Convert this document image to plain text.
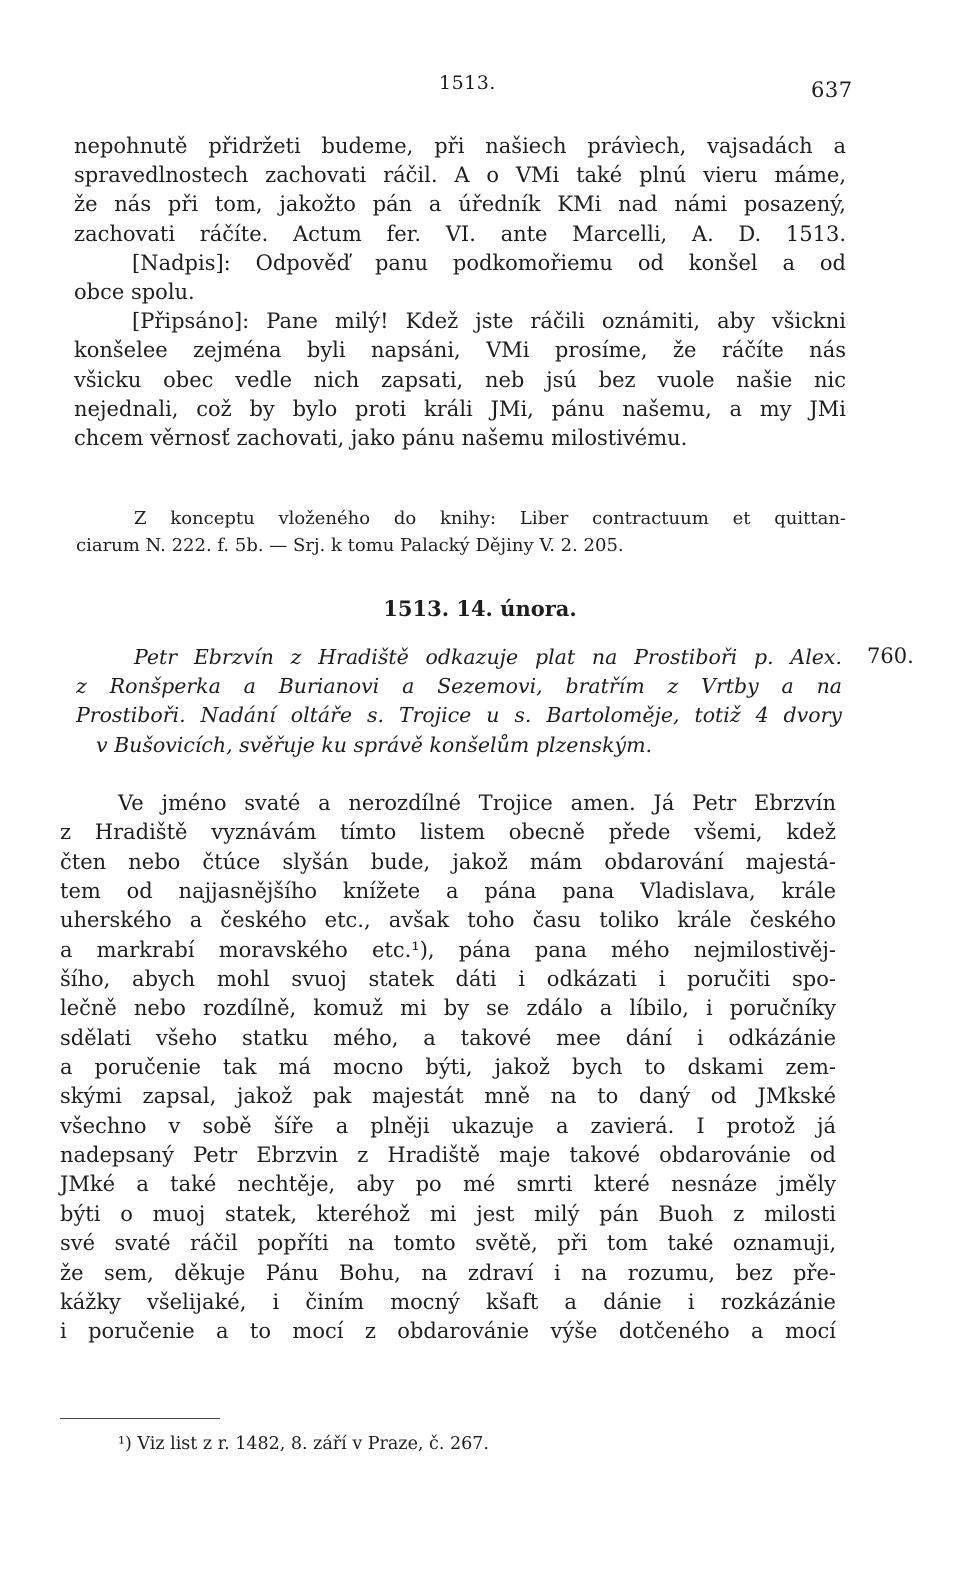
1513.	637
nepohnutě přidržeti budeme, při našiech právìech, vajsadách a
spravedlnostech zachovati ráčil. A o VMi také plnú vieru máme,
že nás při tom, jakožto pán a úředník KMi nad námi posazený,
zachovati ráčíte. Actum fer. VI. ante Marcelli, A. D. 1513.
[Nadpis]: Odpověď panu podkomořiemu od konšel a od
obce spolu.
[Připsáno]: Pane milý! Kdež jste ráčili oznámiti, aby všickni
konšelee zejména byli napsáni, VMi prosíme, že ráčíte nás
všicku obec vedle nich zapsati, neb jsú bez vuole našie nic
nejednali, což by bylo proti králi JMi, pánu našemu, a my JMi
chcem věrnosť zachovati, jako pánu našemu milostivému.
Z konceptu vloženého do knihy: Liber contractuum et quittan-
ciarum N. 222. f. 5b. — Srj. k tomu Palacký Dějiny V. 2. 205.
1513. 14. února.
Petr Ebrzvín z Hradiště odkazuje plat na Prostiboři p. Alex.
z Ronšperka a Burianovi a Sezemovi, bratřím z Vrtby a na
Prostiboři. Nadání oltáře s. Trojice u s. Bartoloměje, totiž 4 dvory
v Bušovicích, svěřuje ku správě konšelům plzenským.
760.
Ve jméno svaté a nerozdílné Trojice amen. Já Petr Ebrzvín
z Hradiště vyznávám tímto listem obecně přede všemi, kdež
čten nebo čtúce slyšán bude, jakož mám obdarování majestá-
tem od najjasnějšího knížete a pána pana Vladislava, krále
uherského a českého etc., avšak toho času toliko krále českého
a markrabí moravského etc.¹), pána pana mého nejmilostivěj-
šího, abych mohl svuoj statek dáti i odkázati i poručiti spo-
lečně nebo rozdílně, komuž mi by se zdálo a líbilo, i poručníky
sdělati všeho statku mého, a takové mee dání i odkázánie
a poručenie tak má mocno býti, jakož bych to dskami zem-
skými zapsal, jakož pak majestát mně na to daný od JMkské
všechno v sobě šíře a plněji ukazuje a zavierá. I protož já
nadepsaný Petr Ebrzvin z Hradiště maje takové obdarovánie od
JMké a také nechtěje, aby po mé smrti které nesnáze jměly
býti o muoj statek, kteréhož mi jest milý pán Buoh z milosti
své svaté ráčil popříti na tomto světě, při tom také oznamuji,
že sem, děkuje Pánu Bohu, na zdraví i na rozumu, bez pře-
kážky všelijaké, i činím mocný kšaft a dánie i rozkázánie
i poručenie a to mocí z obdarovánie výše dotčeného a mocí
¹) Viz list z r. 1482, 8. září v Praze, č. 267.
